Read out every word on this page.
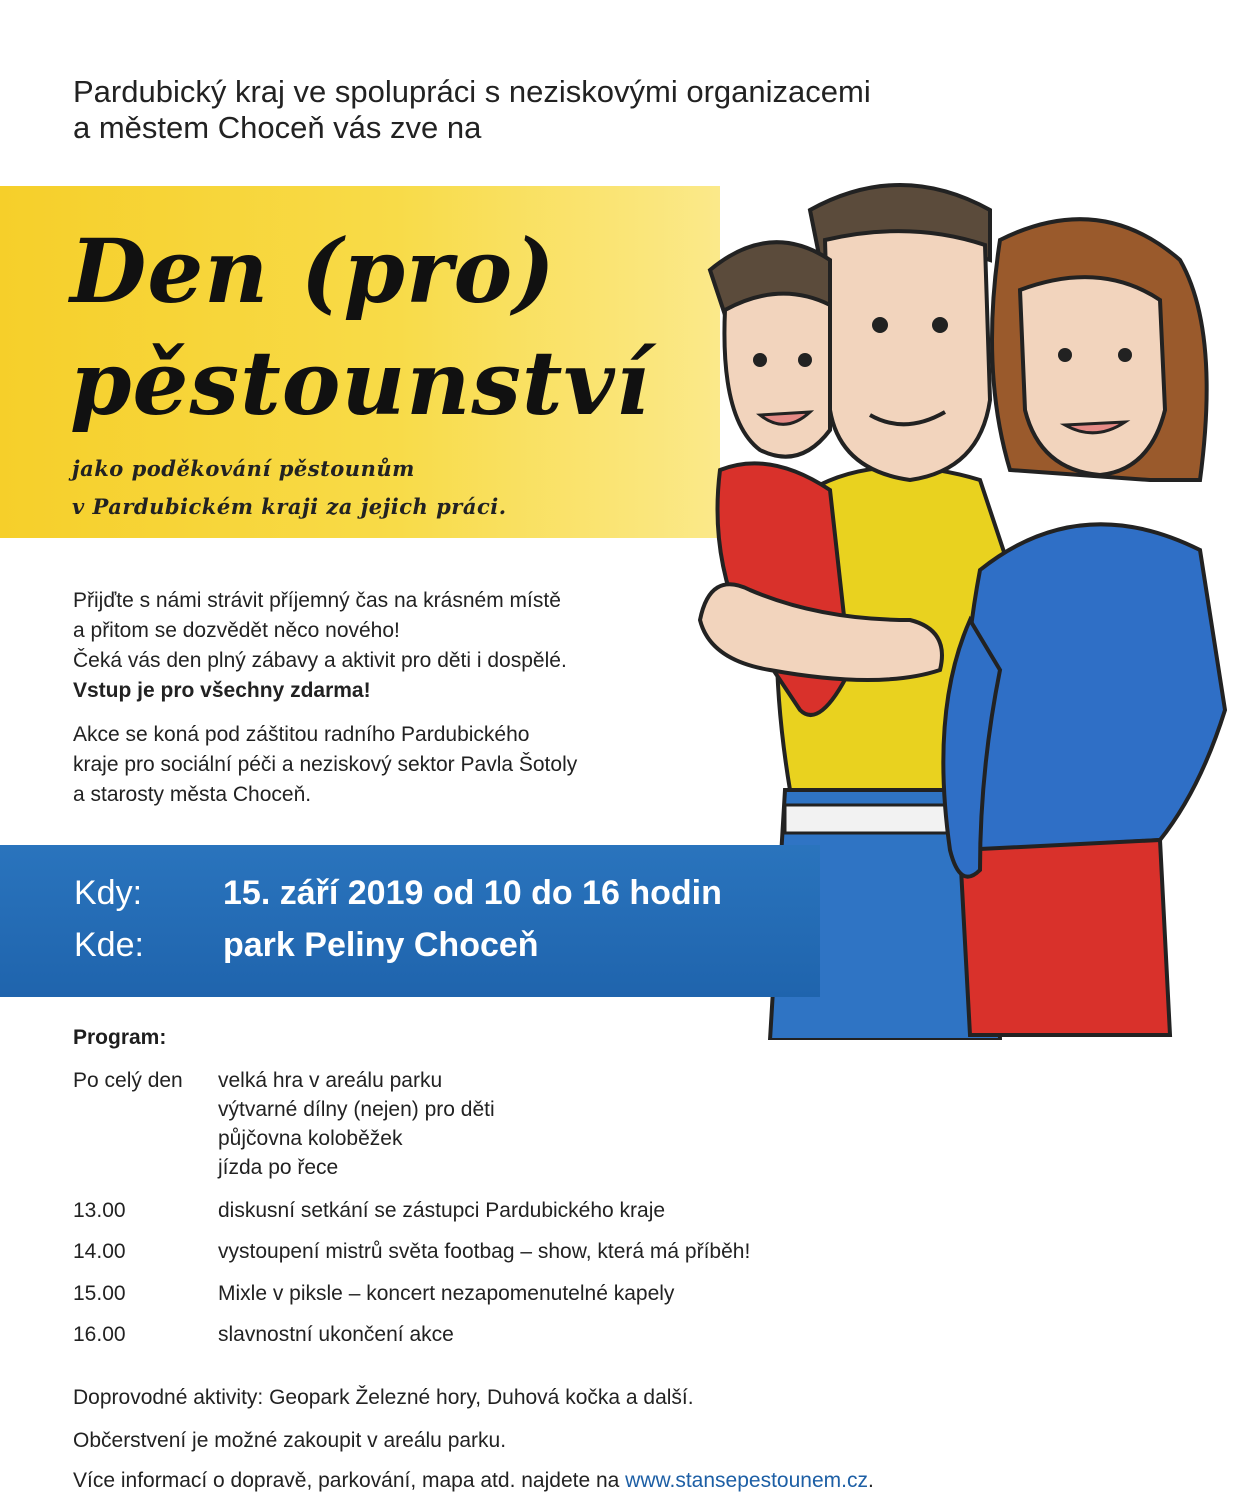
Pardubický kraj ve spolupráci s neziskovými organizacemi
a městem Choceň vás zve na
Den (pro)
pěstounství
jako poděkování pěstounům
v Pardubickém kraji za jejich práci.
Přijďte s námi strávit příjemný čas na krásném místě
a přitom se dozvědět něco nového!
Čeká vás den plný zábavy a aktivit pro děti i dospělé.
Vstup je pro všechny zdarma!
Akce se koná pod záštitou radního Pardubického
kraje pro sociální péči a neziskový sektor Pavla Šotoly
a starosty města Choceň.
Kdy: 15. září 2019 od 10 do 16 hodin
Kde: park Peliny Choceň
Program:
Po celý den velká hra v areálu parku
výtvarné dílny (nejen) pro děti
půjčovna koloběžek
jízda po řece
13.00	diskusní setkání se zástupci Pardubického kraje
14.00	vystoupení mistrů světa footbag – show, která má příběh!
15.00	Mixle v piksle – koncert nezapomenutelné kapely
16.00	slavnostní ukončení akce
Doprovodné aktivity: Geopark Železné hory, Duhová kočka a další.
Občerstvení je možné zakoupit v areálu parku.
Více informací o dopravě, parkování, mapa atd. najdete na www.stansepestounem.cz.
